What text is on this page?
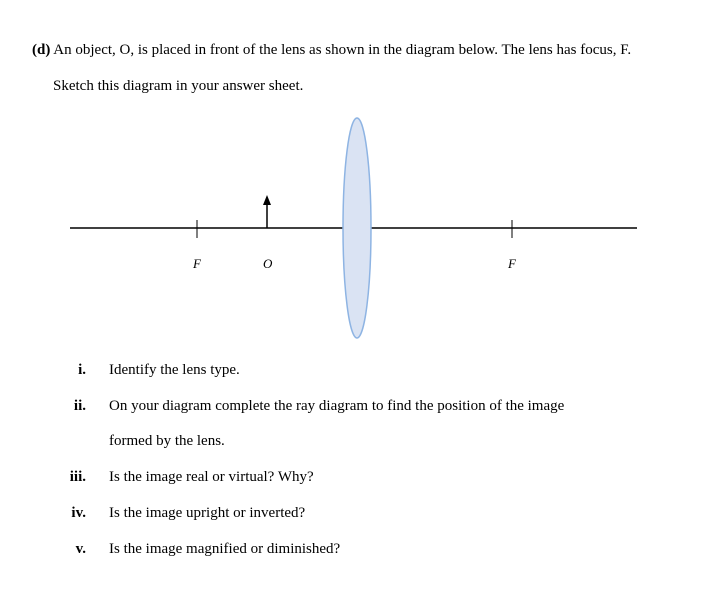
(d) An object, O, is placed in front of the lens as shown in the diagram below. The lens has focus, F.
Sketch this diagram in your answer sheet.
F	O	F
i. Identify the lens type.
ii. On your diagram complete the ray diagram to find the position of the image
formed by the lens.
iii. Is the image real or virtual? Why?
iv. Is the image upright or inverted?
v. Is the image magnified or diminished?
